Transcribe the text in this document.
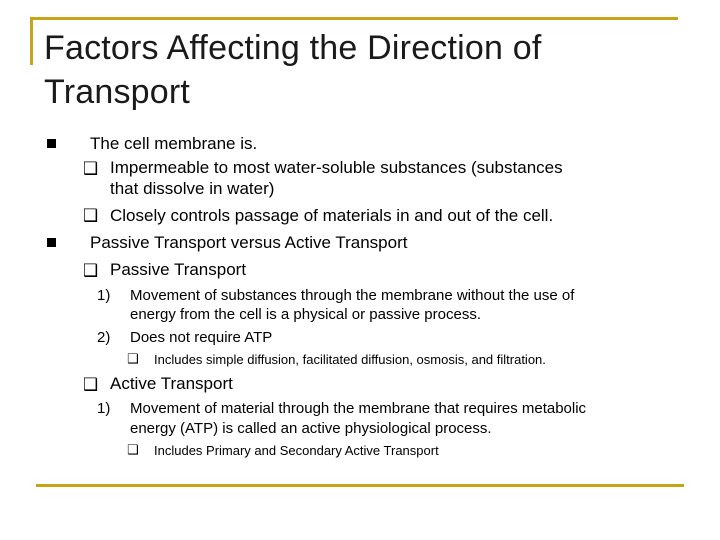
Factors Affecting the Direction of
Transport
The cell membrane is.
❑ Impermeable to most water-soluble substances (substances
that dissolve in water)
❑ Closely controls passage of materials in and out of the cell.
Passive Transport versus Active Transport
❑ Passive Transport
1) Movement of substances through the membrane without the use of
energy from the cell is a physical or passive process.
2) Does not require ATP
❑ Includes simple diffusion, facilitated diffusion, osmosis, and filtration.
❑ Active Transport
1) Movement of material through the membrane that requires metabolic
energy (ATP) is called an active physiological process.
❑ Includes Primary and Secondary Active Transport
